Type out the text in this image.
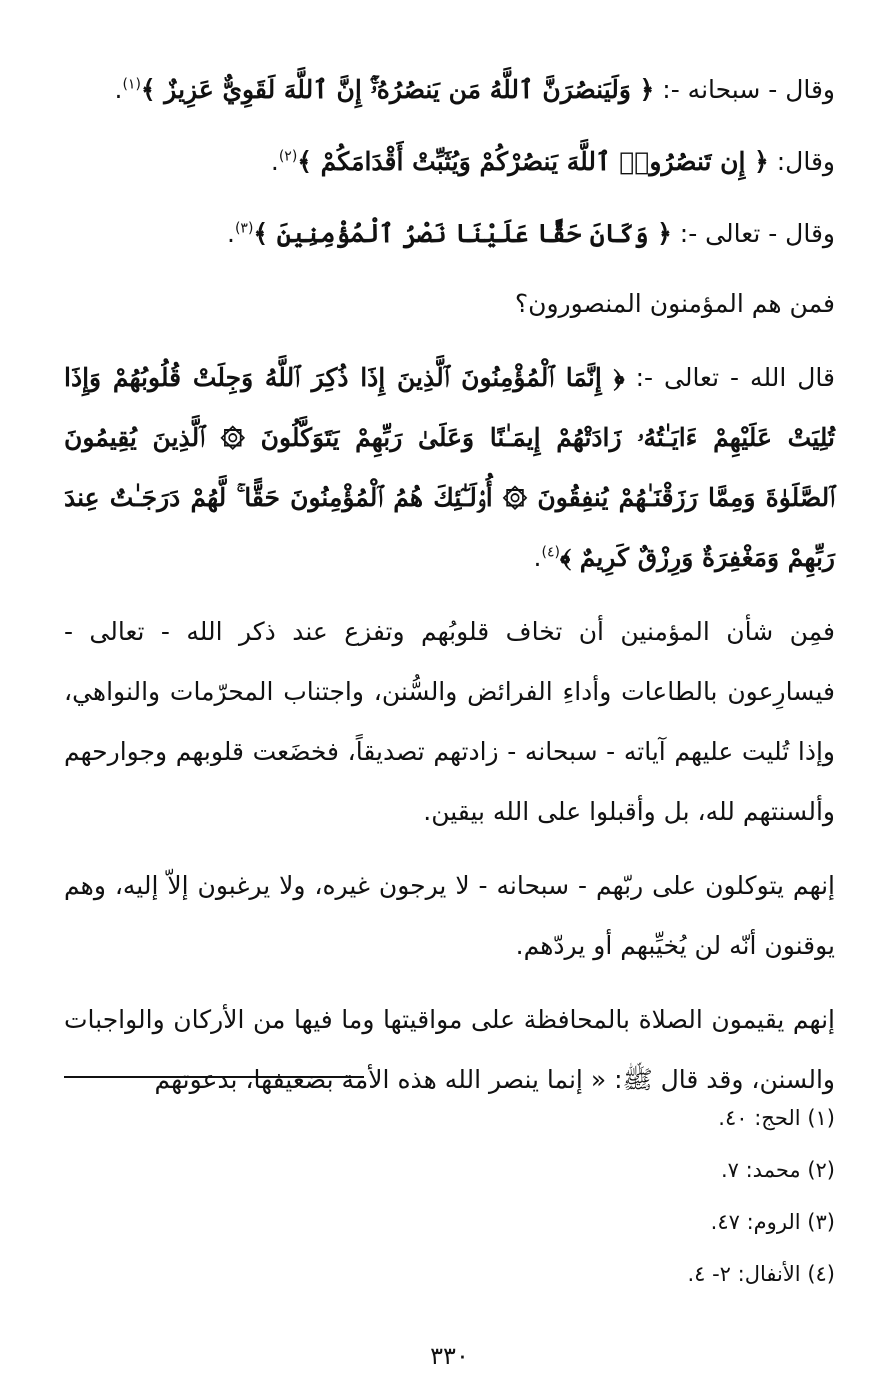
وقال - سبحانه -: ﴿ وَلَيَنصُرَنَّ ٱللَّهُ مَن يَنصُرُهُۥٓۚ إِنَّ ٱللَّهَ لَقَوِيٌّ عَزِيزٌ ﴾$^{(١)}$.

وقال: ﴿ إِن تَنصُرُوا۟ ٱللَّهَ يَنصُرْكُمْ وَيُثَبِّتْ أَقْدَامَكُمْ ﴾$^{(٢)}$.

وقال - تعالى -: ﴿ وَكَانَ حَقًّا عَلَيْنَا نَصْرُ ٱلْمُؤْمِنِينَ ﴾$^{(٣)}$.

فمن هم المؤمنون المنصورون؟

قال الله - تعالى -: ﴿ إِنَّمَا ٱلْمُؤْمِنُونَ ٱلَّذِينَ إِذَا ذُكِرَ ٱللَّهُ وَجِلَتْ قُلُوبُهُمْ وَإِذَا تُلِيَتْ عَلَيْهِمْ ءَايَـٰتُهُۥ زَادَتْهُمْ إِيمَـٰنًا وَعَلَىٰ رَبِّهِمْ يَتَوَكَّلُونَ ۞ ٱلَّذِينَ يُقِيمُونَ ٱلصَّلَوٰةَ وَمِمَّا رَزَقْنَـٰهُمْ يُنفِقُونَ ۞ أُو۟لَـٰٓئِكَ هُمُ ٱلْمُؤْمِنُونَ حَقًّا ۚ لَّهُمْ دَرَجَـٰتٌ عِندَ رَبِّهِمْ وَمَغْفِرَةٌ وَرِزْقٌ كَرِيمٌ ﴾$^{(٤)}$.

فمِن شأن المؤمنين أن تخاف قلوبُهم وتفزع عند ذكر الله - تعالى - فيسارِعون بالطاعات وأداءِ الفرائض والسُّنن، واجتناب المحرّمات والنواهي، وإذا تُليت عليهم آياته - سبحانه - زادتهم تصديقاً، فخضَعت قلوبهم وجوارحهم وألسنتهم لله، بل وأقبلوا على الله بيقين.

إنهم يتوكلون على ربّهم - سبحانه - لا يرجون غيره، ولا يرغبون إلاّ إليه، وهم يوقنون أنّه لن يُخيِّبهم أو يردّهم.

إنهم يقيمون الصلاة بالمحافظة على مواقيتها وما فيها من الأركان والواجبات والسنن، وقد قال ﷺ: « إنما ينصر الله هذه الأمة بضعيفها، بدعوتهم

(١) الحج: ٤٠.

(٢) محمد: ٧.

(٣) الروم: ٤٧.

(٤) الأنفال: ٢- ٤.

٣٣٠
